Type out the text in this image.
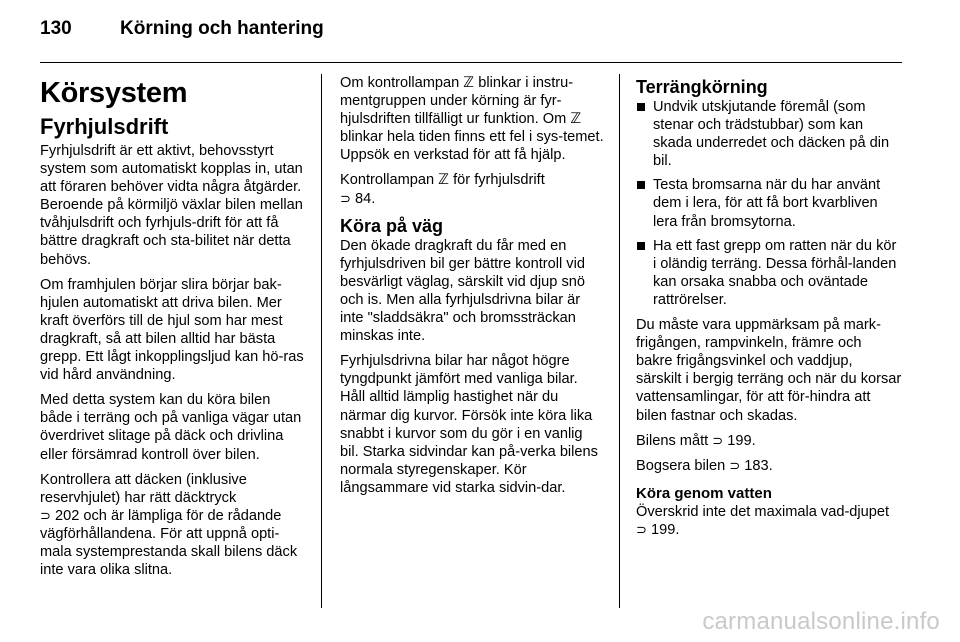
130	Körning och hantering
Körsystem
Fyrhjulsdrift

Fyrhjulsdrift är ett aktivt, behovsstyrt system som automatiskt kopplas in, utan att föraren behöver vidta några åtgärder. Beroende på körmiljö växlar bilen mellan tvåhjulsdrift och fyrhjuls-drift för att få bättre dragkraft och sta-bilitet när detta behövs.

Om framhjulen börjar slira börjar bak-hjulen automatiskt att driva bilen. Mer kraft överförs till de hjul som har mest dragkraft, så att bilen alltid har bästa grepp. Ett lågt inkopplingsljud kan hö-ras vid hård användning.

Med detta system kan du köra bilen både i terräng och på vanliga vägar utan överdrivet slitage på däck och drivlina eller försämrad kontroll över bilen.

Kontrollera att däcken (inklusive reservhjulet) har rätt däcktryck
⊃ 202 och är lämpliga för de rådande vägförhållandena. För att uppnå opti-mala systemprestanda skall bilens däck inte vara olika slitna.

Om kontrollampan ℤ blinkar i instru-mentgruppen under körning är fyr-hjulsdriften tillfälligt ur funktion. Om ℤ blinkar hela tiden finns ett fel i sys-temet. Uppsök en verkstad för att få hjälp.

Kontrollampan ℤ för fyrhjulsdrift
⊃ 84.

Köra på väg

Den ökade dragkraft du får med en fyrhjulsdriven bil ger bättre kontroll vid besvärligt väglag, särskilt vid djup snö och is. Men alla fyrhjulsdrivna bilar är inte "sladdsäkra" och bromssträckan minskas inte.

Fyrhjulsdrivna bilar har något högre tyngdpunkt jämfört med vanliga bilar. Håll alltid lämplig hastighet när du närmar dig kurvor. Försök inte köra lika snabbt i kurvor som du gör i en vanlig bil. Starka sidvindar kan på-verka bilens normala styregenskaper. Kör långsammare vid starka sidvin-dar.

Terrängkörning
Undvik utskjutande föremål (som stenar och trädstubbar) som kan skada underredet och däcken på din bil.
Testa bromsarna när du har använt dem i lera, för att få bort kvarbliven lera från bromsytorna.
Ha ett fast grepp om ratten när du kör i oländig terräng. Dessa förhål-landen kan orsaka snabba och oväntade rattrörelser.

Du måste vara uppmärksam på mark-frigången, rampvinkeln, främre och bakre frigångsvinkel och vaddjup, särskilt i bergig terräng och när du korsar vattensamlingar, för att för-hindra att bilen fastnar och skadas.

Bilens mått ⊃ 199.

Bogsera bilen ⊃ 183.

Köra genom vatten

Överskrid inte det maximala vad-djupet ⊃ 199.

carmanualsonline.info
